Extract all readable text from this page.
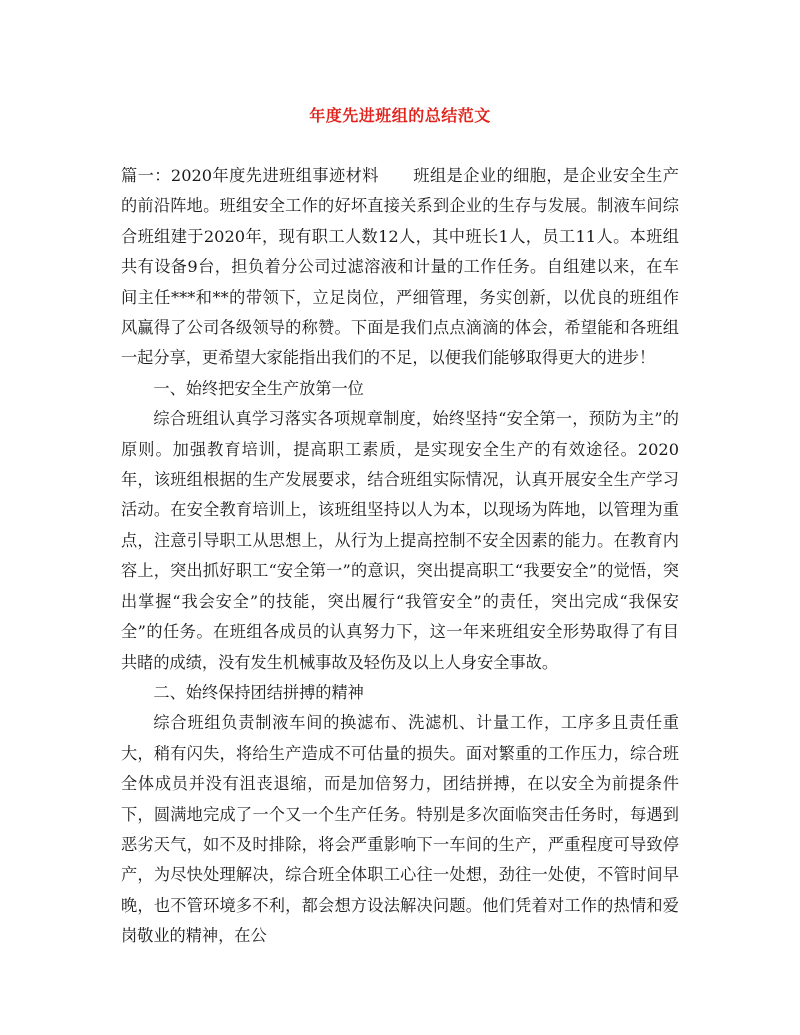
年度先进班组的总结范文

篇一：2020年度先进班组事迹材料 班组是企业的细胞，是企业安全生产的前沿阵地。班组安全工作的好坏直接关系到企业的生存与发展。制液车间综合班组建于2020年，现有职工人数12人，其中班长1人，员工11人。本班组共有设备9台，担负着分公司过滤溶液和计量的工作任务。自组建以来，在车间主任***和**的带领下，立足岗位，严细管理，务实创新，以优良的班组作风赢得了公司各级领导的称赞。下面是我们点点滴滴的体会，希望能和各班组一起分享，更希望大家能指出我们的不足，以便我们能够取得更大的进步！

一、始终把安全生产放第一位

综合班组认真学习落实各项规章制度，始终坚持“安全第一，预防为主”的原则。加强教育培训，提高职工素质，是实现安全生产的有效途径。2020年，该班组根据的生产发展要求，结合班组实际情况，认真开展安全生产学习活动。在安全教育培训上，该班组坚持以人为本，以现场为阵地，以管理为重点，注意引导职工从思想上，从行为上提高控制不安全因素的能力。在教育内容上，突出抓好职工“安全第一”的意识，突出提高职工“我要安全”的觉悟，突出掌握“我会安全”的技能，突出履行“我管安全”的责任，突出完成“我保安全”的任务。在班组各成员的认真努力下，这一年来班组安全形势取得了有目共睹的成绩，没有发生机械事故及轻伤及以上人身安全事故。

二、始终保持团结拼搏的精神

综合班组负责制液车间的换滤布、洗滤机、计量工作，工序多且责任重大，稍有闪失，将给生产造成不可估量的损失。面对繁重的工作压力，综合班全体成员并没有沮丧退缩，而是加倍努力，团结拼搏，在以安全为前提条件下，圆满地完成了一个又一个生产任务。特别是多次面临突击任务时，每遇到恶劣天气，如不及时排除，将会严重影响下一车间的生产，严重程度可导致停产，为尽快处理解决，综合班全体职工心往一处想，劲往一处使，不管时间早晚，也不管环境多不利，都会想方设法解决问题。他们凭着对工作的热情和爱岗敬业的精神，在公
